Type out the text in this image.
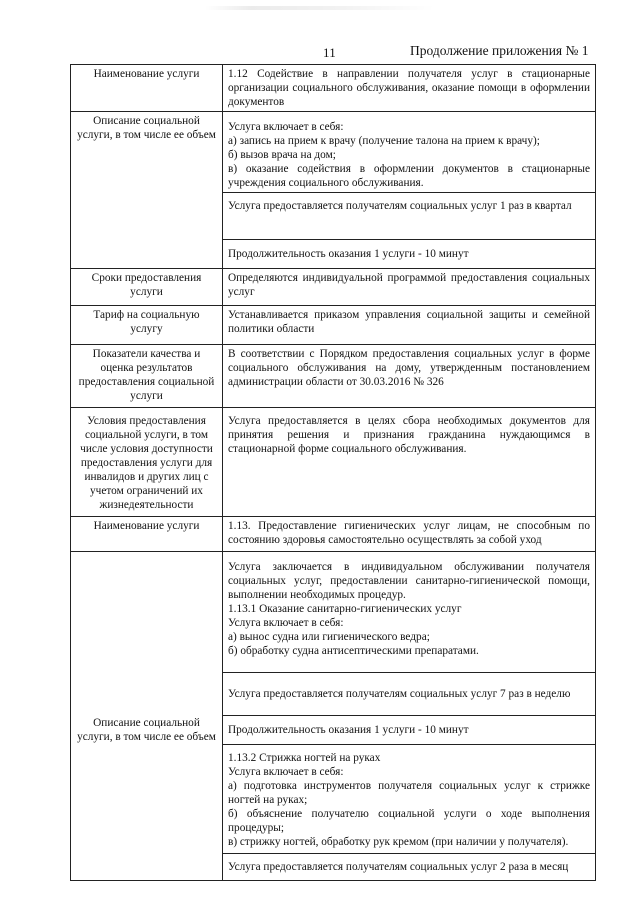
11	Продолжение приложения № 1
Наименование услуги	1.12 Содействие в направлении получателя услуг в стационарные организации социального обслуживания, оказание помощи в оформлении документов
Описание социальной услуги, в том числе ее объем	Услуга включает в себя:
а) запись на прием к врачу (получение талона на прием к врачу);
б) вызов врача на дом;
в) оказание содействия в оформлении документов в стационарные учреждения социального обслуживания.

	Услуга предоставляется получателям социальных услуг 1 раз в квартал
	Продолжительность оказания 1 услуги - 10 минут
Сроки предоставления услуги	Определяются индивидуальной программой предоставления социальных услуг
Тариф на социальную услугу	Устанавливается приказом управления социальной защиты и семейной политики области
Показатели качества и оценка результатов предоставления социальной услуги	В соответствии с Порядком предоставления социальных услуг в форме социального обслуживания на дому, утвержденным постановлением администрации области от 30.03.2016 № 326
Условия предоставления социальной услуги, в том числе условия доступности предоставления услуги для инвалидов и других лиц с учетом ограничений их жизнедеятельности	Услуга предоставляется в целях сбора необходимых документов для принятия решения и признания гражданина нуждающимся в стационарной форме социального обслуживания.
Наименование услуги	1.13. Предоставление гигиенических услуг лицам, не способным по состоянию здоровья самостоятельно осуществлять за собой уход
Описание социальной услуги, в том числе ее объем	Услуга заключается в индивидуальном обслуживании получателя социальных услуг, предоставлении санитарно-гигиенической помощи, выполнении необходимых процедур.
1.13.1 Оказание санитарно-гигиенических услуг
Услуга включает в себя:
а) вынос судна или гигиенического ведра;
б) обработку судна антисептическими препаратами.

	Услуга предоставляется получателям социальных услуг 7 раз в неделю
	Продолжительность оказания 1 услуги - 10 минут

	1.13.2 Стрижка ногтей на руках
Услуга включает в себя:
а) подготовка инструментов получателя социальных услуг к стрижке ногтей на руках;
б) объяснение получателю социальной услуги о ходе выполнения процедуры;
в) стрижку ногтей, обработку рук кремом (при наличии у получателя).

	Услуга предоставляется получателям социальных услуг 2 раза в месяц
